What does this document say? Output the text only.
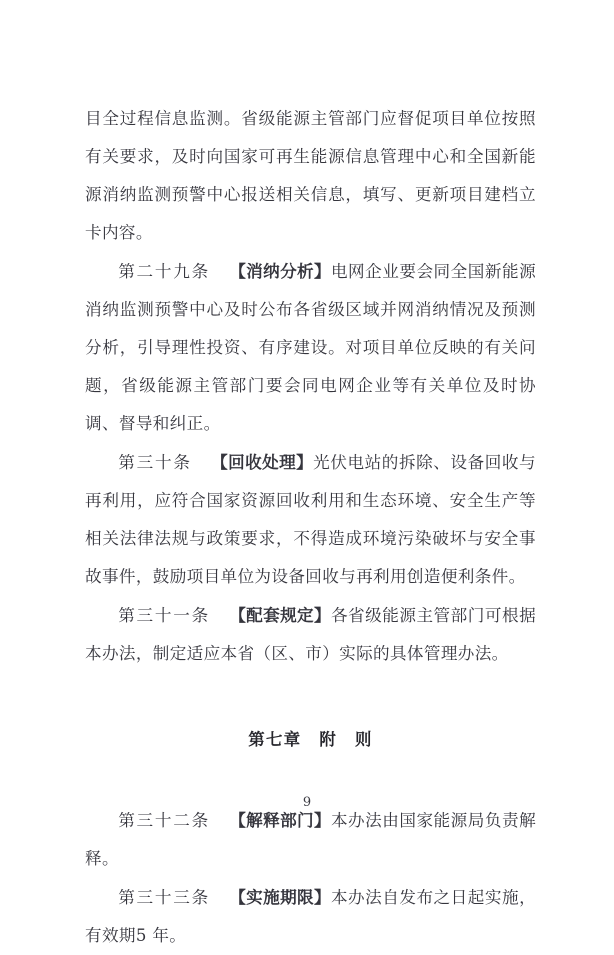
目全过程信息监测。省级能源主管部门应督促项目单位按照有关要求，及时向国家可再生能源信息管理中心和全国新能源消纳监测预警中心报送相关信息，填写、更新项目建档立卡内容。

第二十九条 【消纳分析】电网企业要会同全国新能源消纳监测预警中心及时公布各省级区域并网消纳情况及预测分析，引导理性投资、有序建设。对项目单位反映的有关问题，省级能源主管部门要会同电网企业等有关单位及时协调、督导和纠正。

第三十条 【回收处理】光伏电站的拆除、设备回收与再利用，应符合国家资源回收利用和生态环境、安全生产等相关法律法规与政策要求，不得造成环境污染破坏与安全事故事件，鼓励项目单位为设备回收与再利用创造便利条件。

第三十一条 【配套规定】各省级能源主管部门可根据本办法，制定适应本省（区、市）实际的具体管理办法。

第七章　附　则

第三十二条 【解释部门】本办法由国家能源局负责解释。

第三十三条 【实施期限】本办法自发布之日起实施，有效期5 年。

9
